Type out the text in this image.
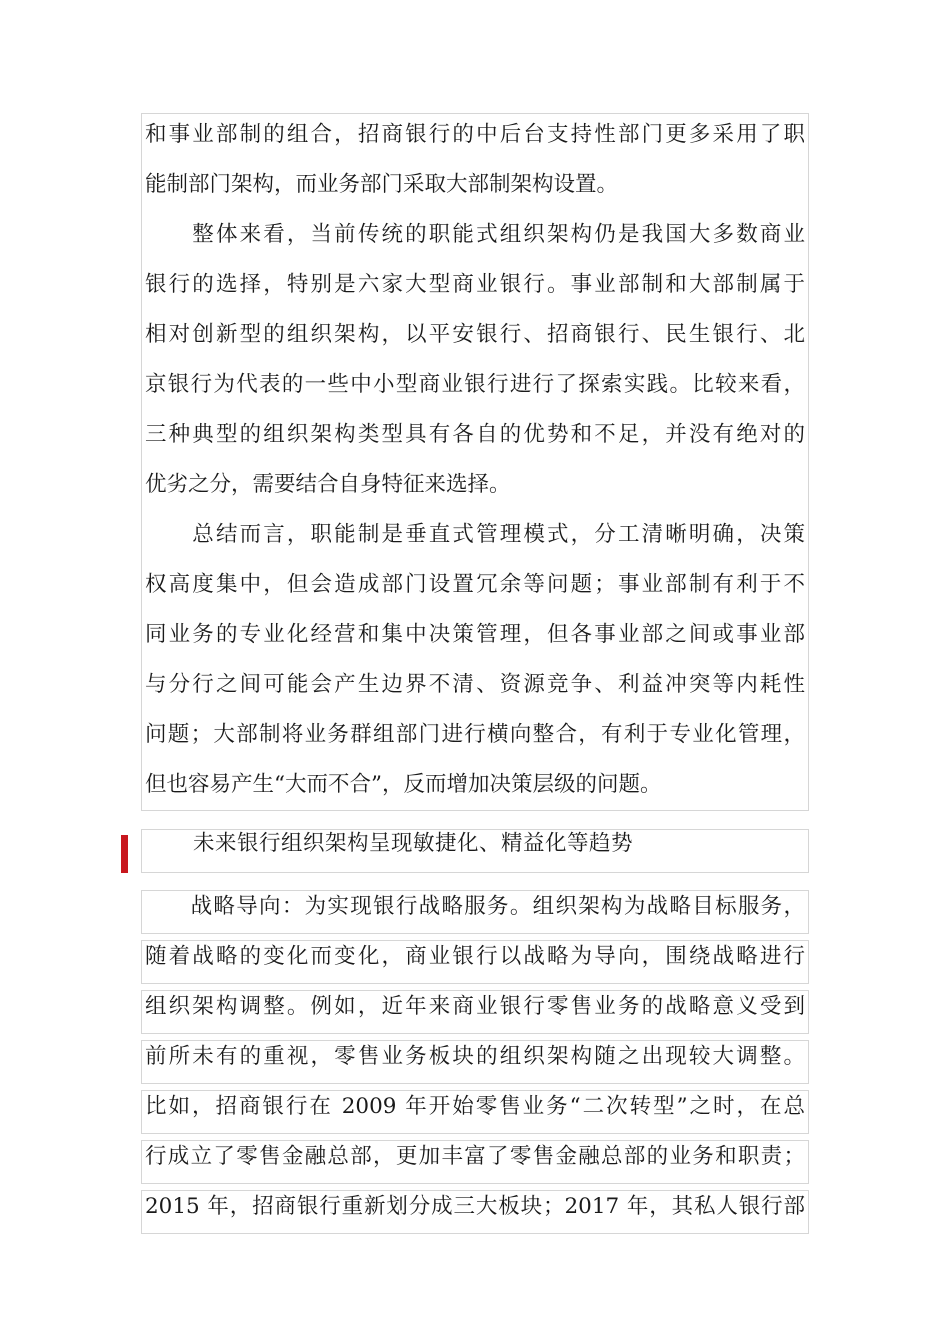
和事业部制的组合，招商银行的中后台支持性部门更多采用了职
能制部门架构，而业务部门采取大部制架构设置。
　　整体来看，当前传统的职能式组织架构仍是我国大多数商业
银行的选择，特别是六家大型商业银行。事业部制和大部制属于
相对创新型的组织架构，以平安银行、招商银行、民生银行、北
京银行为代表的一些中小型商业银行进行了探索实践。比较来看，
三种典型的组织架构类型具有各自的优势和不足，并没有绝对的
优劣之分，需要结合自身特征来选择。
　　总结而言，职能制是垂直式管理模式，分工清晰明确，决策
权高度集中，但会造成部门设置冗余等问题；事业部制有利于不
同业务的专业化经营和集中决策管理，但各事业部之间或事业部
与分行之间可能会产生边界不清、资源竞争、利益冲突等内耗性
问题；大部制将业务群组部门进行横向整合，有利于专业化管理，
但也容易产生“大而不合”，反而增加决策层级的问题。
未来银行组织架构呈现敏捷化、精益化等趋势
　　战略导向：为实现银行战略服务。组织架构为战略目标服务，
随着战略的变化而变化，商业银行以战略为导向，围绕战略进行
组织架构调整。例如，近年来商业银行零售业务的战略意义受到
前所未有的重视，零售业务板块的组织架构随之出现较大调整。
比如，招商银行在 2009 年开始零售业务“二次转型”之时，在总
行成立了零售金融总部，更加丰富了零售金融总部的业务和职责；
2015 年，招商银行重新划分成三大板块；2017 年，其私人银行部
